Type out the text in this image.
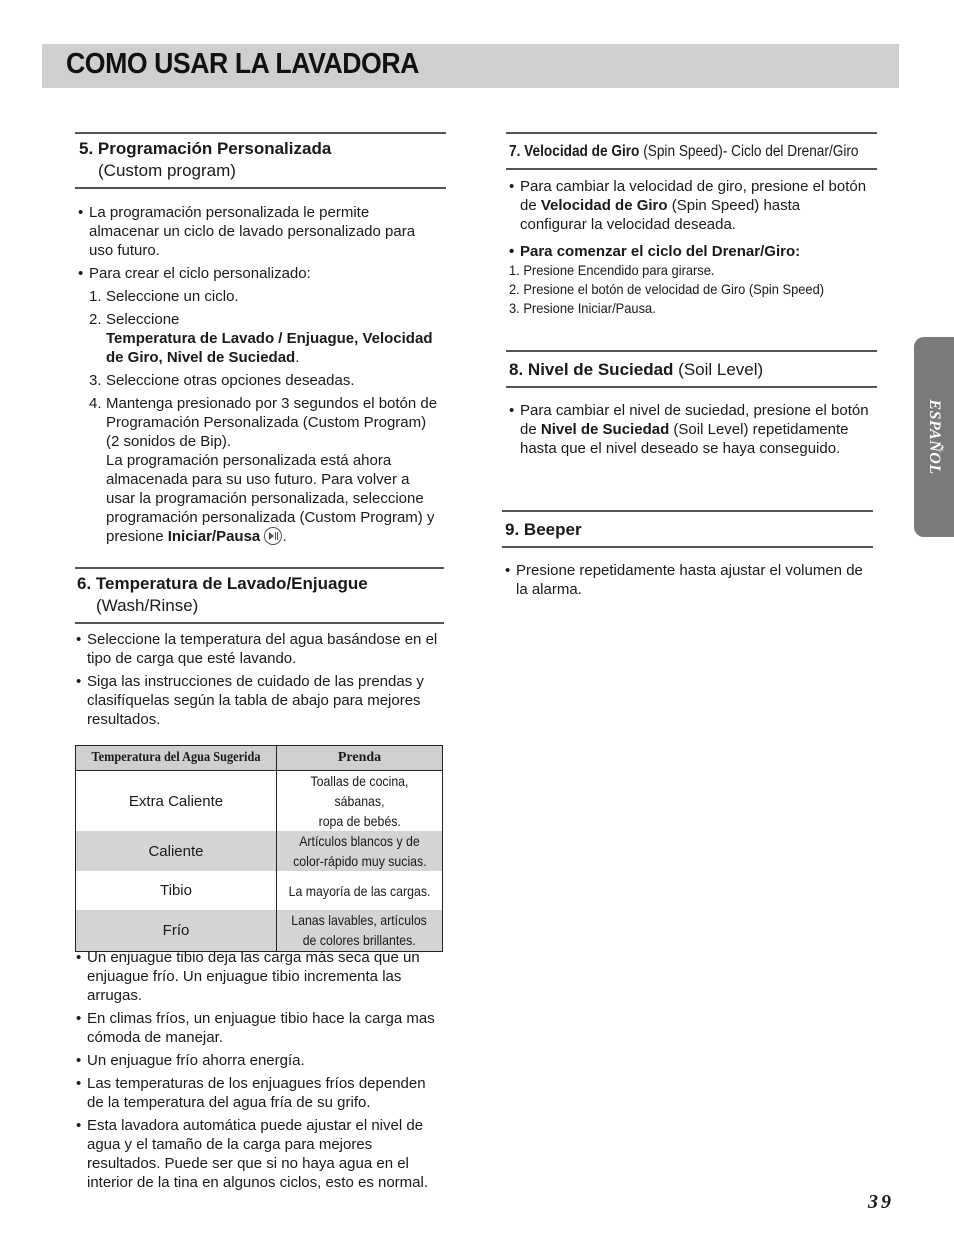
COMO USAR LA LAVADORA
ESPAÑOL
5. Programación Personalizada
(Custom program)

• La programación personalizada le permite almacenar un ciclo de lavado personalizado para uso futuro.

• Para crear el ciclo personalizado:

1. Seleccione un ciclo.

2. Seleccione
Temperatura de Lavado / Enjuague, Velocidad de Giro, Nivel de Suciedad.

3. Seleccione otras opciones deseadas.

4. Mantenga presionado por 3 segundos el botón de Programación Personalizada (Custom Program) (2 sonidos de Bip).
La programación personalizada está ahora almacenada para su uso futuro. Para volver a usar la programación personalizada, seleccione programación personalizada (Custom Program) y presione Iniciar/Pausa .

6. Temperatura de Lavado/Enjuague
(Wash/Rinse)

• Seleccione la temperatura del agua basándose en el tipo de carga que esté lavando.

• Siga las instrucciones de cuidado de las prendas y clasifíquelas según la tabla de abajo para mejores resultados.

Temperatura del Agua Sugerida	Prenda
Extra Caliente	Toallas de cocina, sábanas,
ropa de bebés.
Caliente	Artículos blancos y de
color-rápido muy sucias.
Tibio	La mayoría de las cargas.
Frío	Lanas lavables, artículos
de colores brillantes.

• Un enjuague tibio deja las carga más seca que un enjuague frío. Un enjuague tibio incrementa las arrugas.

• En climas fríos, un enjuague tibio hace la carga mas cómoda de manejar.

• Un enjuague frío ahorra energía.

• Las temperaturas de los enjuagues fríos dependen de la temperatura del agua fría de su grifo.

• Esta lavadora automática puede ajustar el nivel de agua y el tamaño de la carga para mejores resultados. Puede ser que si no haya agua en el interior de la tina en algunos ciclos, esto es normal.

7. Velocidad de Giro (Spin Speed)- Ciclo del Drenar/Giro

• Para cambiar la velocidad de giro, presione el botón de Velocidad de Giro (Spin Speed) hasta configurar la velocidad deseada.

• Para comenzar el ciclo del Drenar/Giro:

1. Presione Encendido para girarse.

2. Presione el botón de velocidad de Giro (Spin Speed)

3. Presione Iniciar/Pausa.

8. Nivel de Suciedad (Soil Level)

• Para cambiar el nivel de suciedad, presione el botón de Nivel de Suciedad (Soil Level) repetidamente hasta que el nivel deseado se haya conseguido.

9. Beeper

• Presione repetidamente hasta ajustar el volumen de la alarma.

39
